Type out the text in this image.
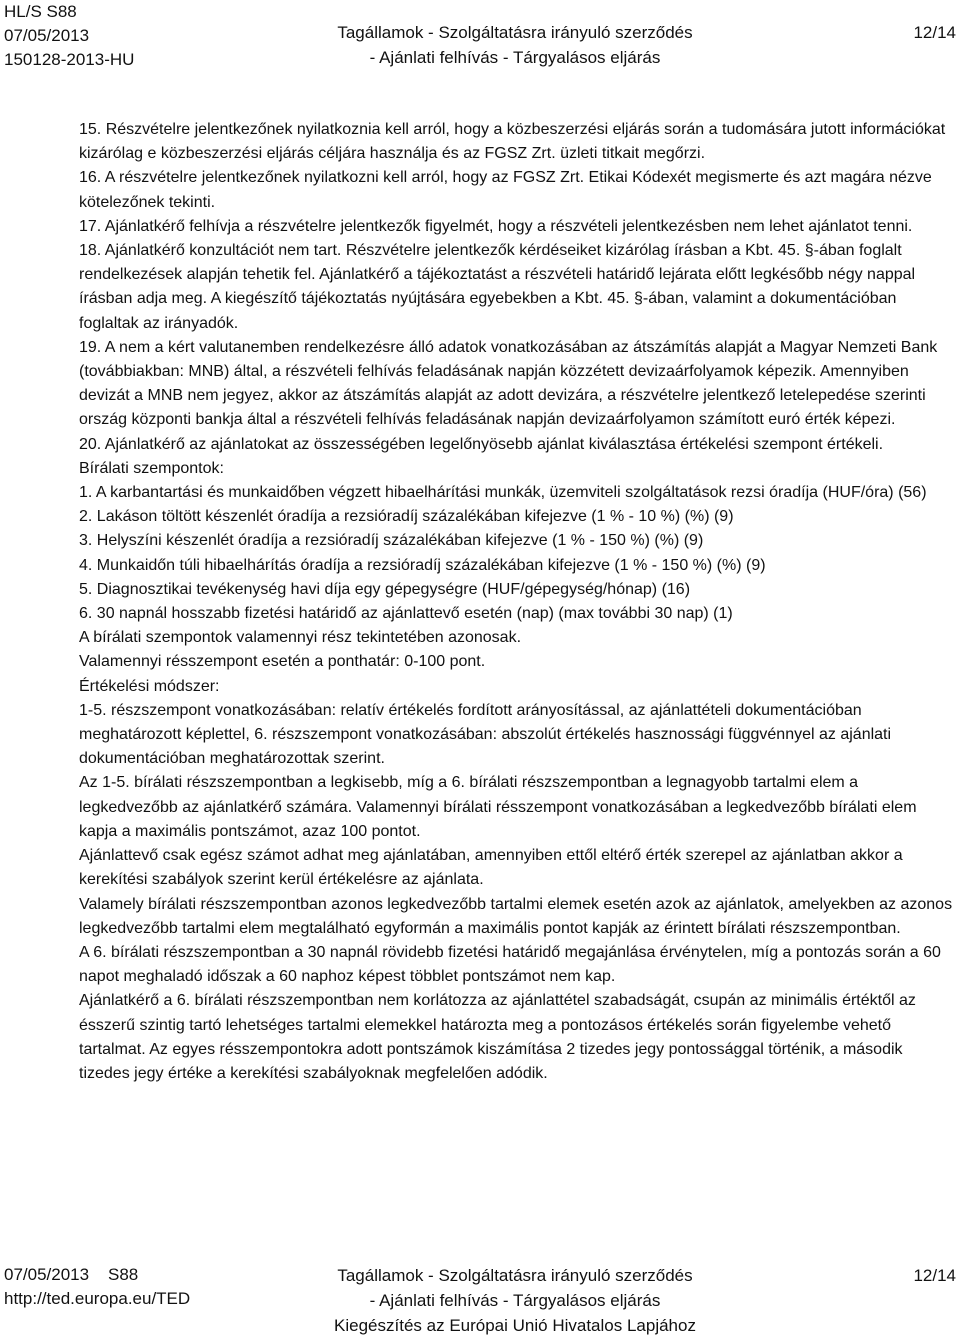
HL/S S88
07/05/2013
150128-2013-HU
Tagállamok - Szolgáltatásra irányuló szerződés
- Ajánlati felhívás - Tárgyalásos eljárás
12/14

15. Részvételre jelentkezőnek nyilatkoznia kell arról, hogy a közbeszerzési eljárás során a tudomására jutott információkat kizárólag e közbeszerzési eljárás céljára használja és az FGSZ Zrt. üzleti titkait megőrzi.

16. A részvételre jelentkezőnek nyilatkozni kell arról, hogy az FGSZ Zrt. Etikai Kódexét megismerte és azt magára nézve kötelezőnek tekinti.

17. Ajánlatkérő felhívja a részvételre jelentkezők figyelmét, hogy a részvételi jelentkezésben nem lehet ajánlatot tenni.

18. Ajánlatkérő konzultációt nem tart. Részvételre jelentkezők kérdéseiket kizárólag írásban a Kbt. 45. §-ában foglalt rendelkezések alapján tehetik fel. Ajánlatkérő a tájékoztatást a részvételi határidő lejárata előtt legkésőbb négy nappal írásban adja meg. A kiegészítő tájékoztatás nyújtására egyebekben a Kbt. 45. §-ában, valamint a dokumentációban foglaltak az irányadók.

19. A nem a kért valutanemben rendelkezésre álló adatok vonatkozásában az átszámítás alapját a Magyar Nemzeti Bank (továbbiakban: MNB) által, a részvételi felhívás feladásának napján közzétett devizaárfolyamok képezik. Amennyiben devizát a MNB nem jegyez, akkor az átszámítás alapját az adott devizára, a részvételre jelentkező letelepedése szerinti ország központi bankja által a részvételi felhívás feladásának napján devizaárfolyamon számított euró érték képezi.

20. Ajánlatkérő az ajánlatokat az összességében legelőnyösebb ajánlat kiválasztása értékelési szempont értékeli.

Bírálati szempontok:

1. A karbantartási és munkaidőben végzett hibaelhárítási munkák, üzemviteli szolgáltatások rezsi óradíja (HUF/óra) (56)

2. Lakáson töltött készenlét óradíja a rezsióradíj százalékában kifejezve (1 % - 10 %) (%) (9)

3. Helyszíni készenlét óradíja a rezsióradíj százalékában kifejezve (1 % - 150 %) (%) (9)

4. Munkaidőn túli hibaelhárítás óradíja a rezsióradíj százalékában kifejezve (1 % - 150 %) (%) (9)

5. Diagnosztikai tevékenység havi díja egy gépegységre (HUF/gépegység/hónap) (16)

6. 30 napnál hosszabb fizetési határidő az ajánlattevő esetén (nap) (max további 30 nap) (1)

A bírálati szempontok valamennyi rész tekintetében azonosak.

Valamennyi résszempont esetén a ponthatár: 0-100 pont.

Értékelési módszer:

1-5. részszempont vonatkozásában: relatív értékelés fordított arányosítással, az ajánlattételi dokumentációban meghatározott képlettel, 6. részszempont vonatkozásában: abszolút értékelés hasznossági függvénnyel az ajánlati dokumentációban meghatározottak szerint.

Az 1-5. bírálati részszempontban a legkisebb, míg a 6. bírálati részszempontban a legnagyobb tartalmi elem a legkedvezőbb az ajánlatkérő számára. Valamennyi bírálati résszempont vonatkozásában a legkedvezőbb bírálati elem kapja a maximális pontszámot, azaz 100 pontot.

Ajánlattevő csak egész számot adhat meg ajánlatában, amennyiben ettől eltérő érték szerepel az ajánlatban akkor a kerekítési szabályok szerint kerül értékelésre az ajánlata.

Valamely bírálati részszempontban azonos legkedvezőbb tartalmi elemek esetén azok az ajánlatok, amelyekben az azonos legkedvezőbb tartalmi elem megtalálható egyformán a maximális pontot kapják az érintett bírálati részszempontban.

A 6. bírálati részszempontban a 30 napnál rövidebb fizetési határidő megajánlása érvénytelen, míg a pontozás során a 60 napot meghaladó időszak a 60 naphoz képest többlet pontszámot nem kap.

Ajánlatkérő a 6. bírálati részszempontban nem korlátozza az ajánlattétel szabadságát, csupán az minimális értéktől az ésszerű szintig tartó lehetséges tartalmi elemekkel határozta meg a pontozásos értékelés során figyelembe vehető tartalmat. Az egyes résszempontokra adott pontszámok kiszámítása 2 tizedes jegy pontossággal történik, a második tizedes jegy értéke a kerekítési szabályoknak megfelelően adódik.

07/05/2013    S88
http://ted.europa.eu/TED
Tagállamok - Szolgáltatásra irányuló szerződés
- Ajánlati felhívás - Tárgyalásos eljárás
Kiegészítés az Európai Unió Hivatalos Lapjához
12/14
